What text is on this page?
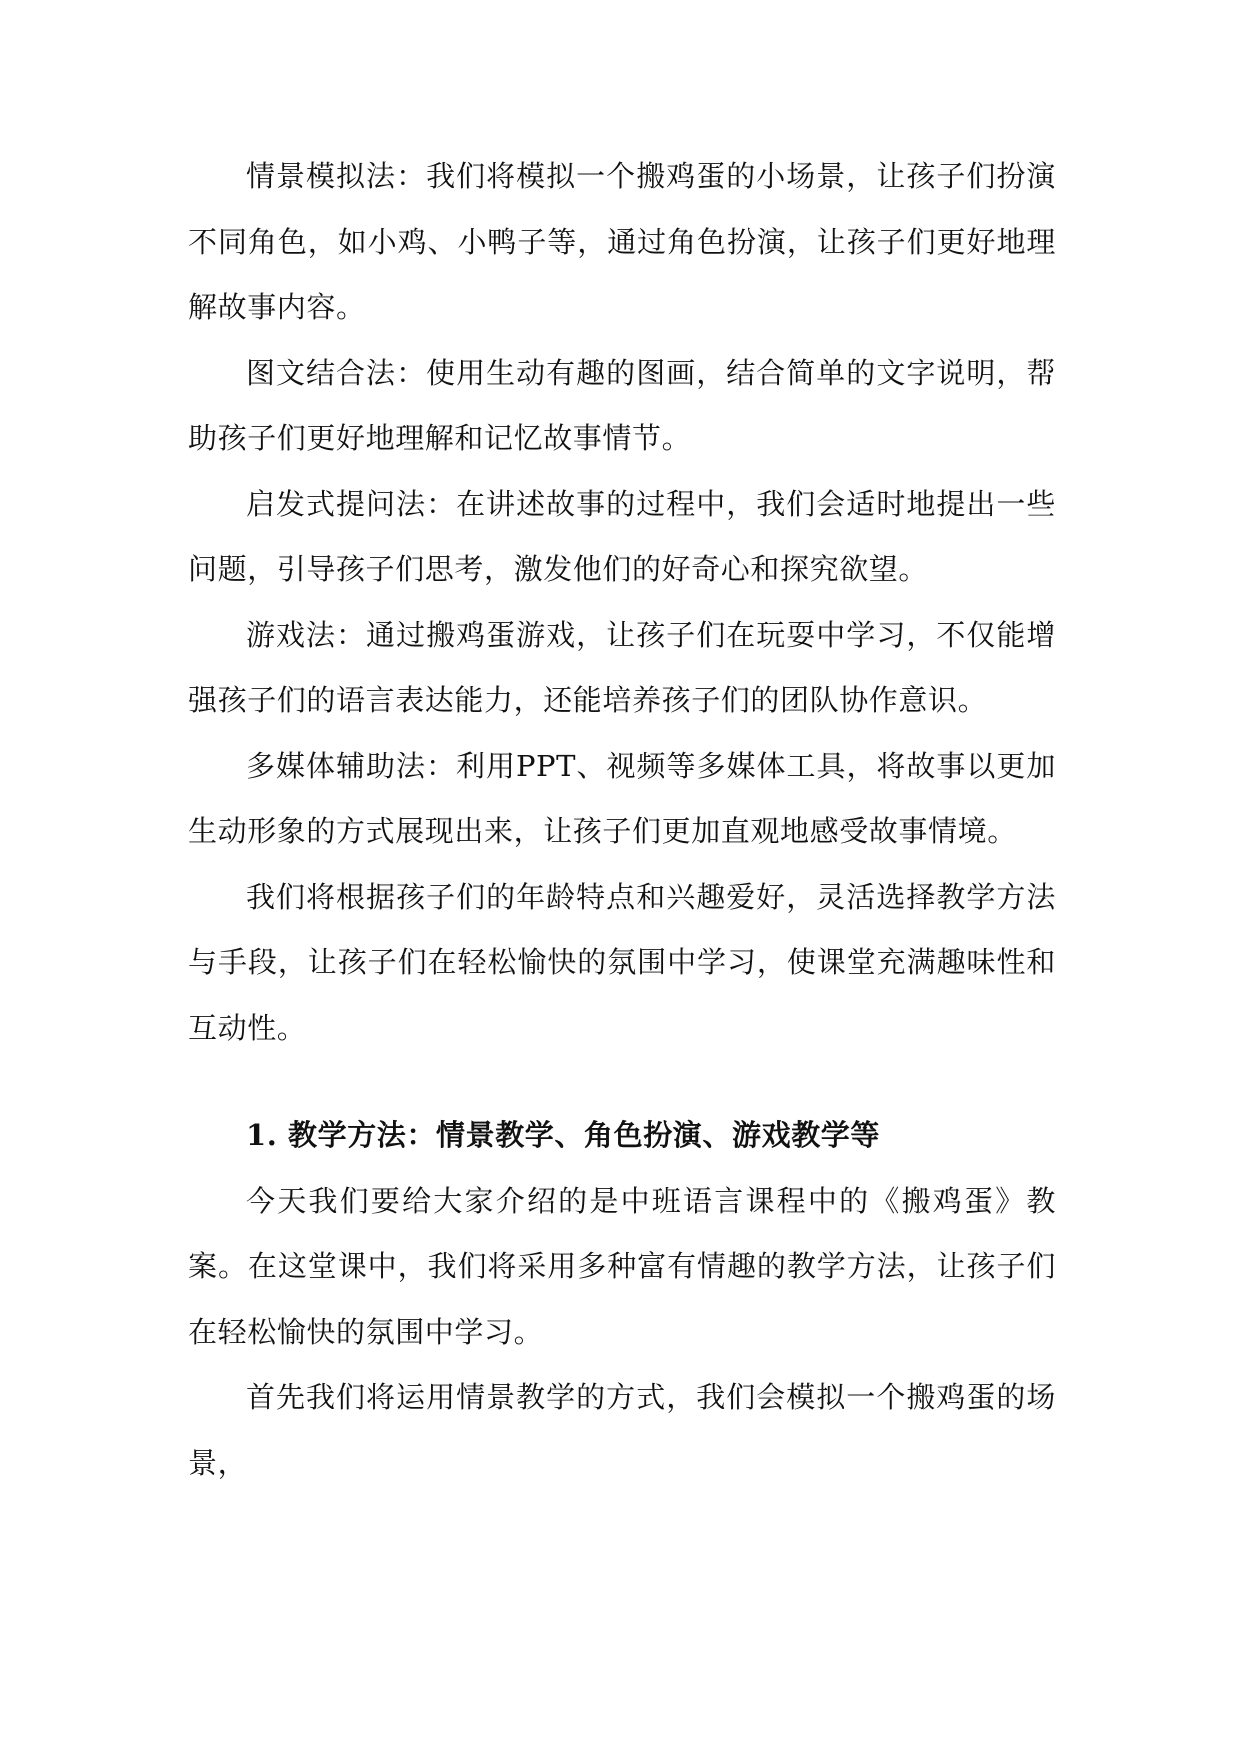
情景模拟法：我们将模拟一个搬鸡蛋的小场景，让孩子们扮演不同角色，如小鸡、小鸭子等，通过角色扮演，让孩子们更好地理解故事内容。

图文结合法：使用生动有趣的图画，结合简单的文字说明，帮助孩子们更好地理解和记忆故事情节。

启发式提问法：在讲述故事的过程中，我们会适时地提出一些问题，引导孩子们思考，激发他们的好奇心和探究欲望。

游戏法：通过搬鸡蛋游戏，让孩子们在玩耍中学习，不仅能增强孩子们的语言表达能力，还能培养孩子们的团队协作意识。

多媒体辅助法：利用PPT、视频等多媒体工具，将故事以更加生动形象的方式展现出来，让孩子们更加直观地感受故事情境。

我们将根据孩子们的年龄特点和兴趣爱好，灵活选择教学方法与手段，让孩子们在轻松愉快的氛围中学习，使课堂充满趣味性和互动性。

1. 教学方法：情景教学、角色扮演、游戏教学等

今天我们要给大家介绍的是中班语言课程中的《搬鸡蛋》教案。在这堂课中，我们将采用多种富有情趣的教学方法，让孩子们在轻松愉快的氛围中学习。

首先我们将运用情景教学的方式，我们会模拟一个搬鸡蛋的场景，
